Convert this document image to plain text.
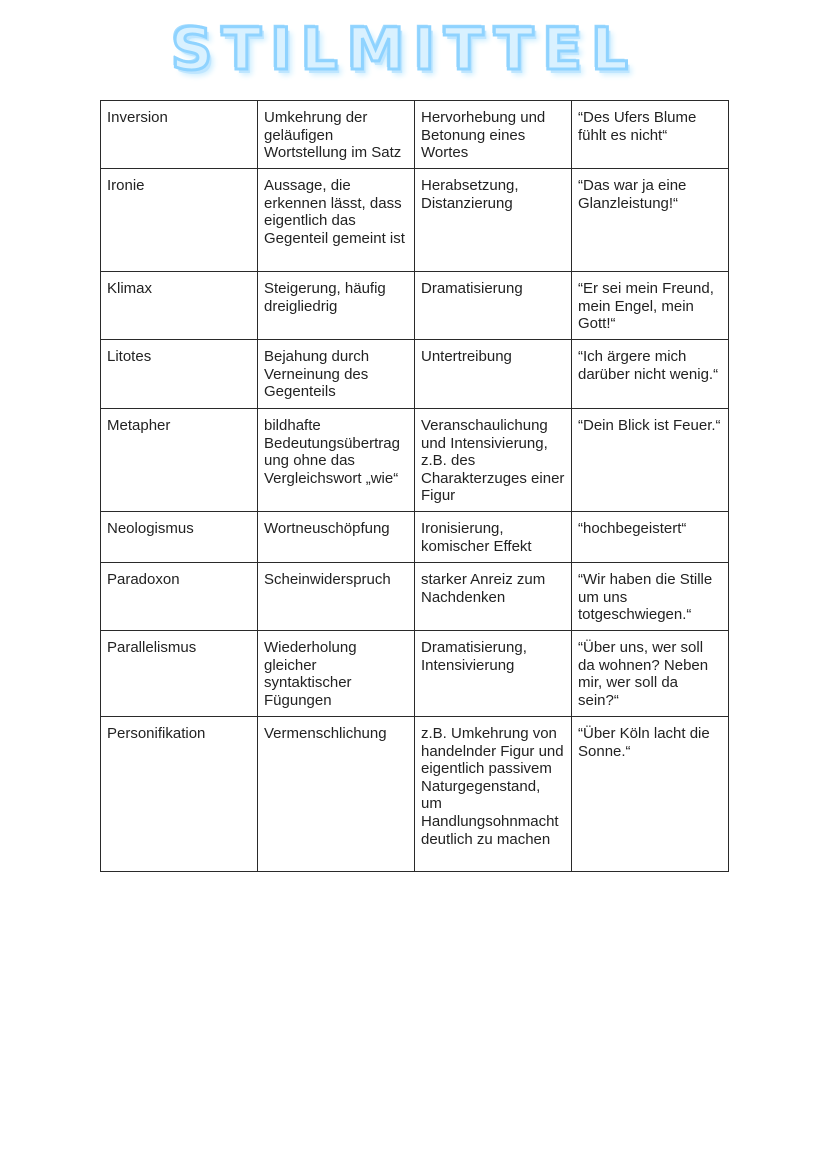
STILMITTEL
Inversion	Umkehrung der geläufigen Wortstellung im Satz	Hervorhebung und Betonung eines Wortes	“Des Ufers Blume fühlt es nicht“
Ironie	Aussage, die erkennen lässt, dass eigentlich das Gegenteil gemeint ist	Herabsetzung, Distanzierung	“Das war ja eine Glanzleistung!“
Klimax	Steigerung, häufig dreigliedrig	Dramatisierung	“Er sei mein Freund, mein Engel, mein Gott!“
Litotes	Bejahung durch Verneinung des Gegenteils	Untertreibung	“Ich ärgere mich darüber nicht wenig.“
Metapher	bildhafte Bedeutungsübertrag ung ohne das Vergleichswort „wie“	Veranschaulichung und Intensivierung, z.B. des Charakterzuges einer Figur	“Dein Blick ist Feuer.“
Neologismus	Wortneuschöpfung	Ironisierung, komischer Effekt	“hochbegeistert“
Paradoxon	Scheinwiderspruch	starker Anreiz zum Nachdenken	“Wir haben die Stille um uns totgeschwiegen.“
Parallelismus	Wiederholung gleicher syntaktischer Fügungen	Dramatisierung, Intensivierung	“Über uns, wer soll da wohnen? Neben mir, wer soll da sein?“
Personifikation	Vermenschlichung	z.B. Umkehrung von handelnder Figur und eigentlich passivem Naturgegenstand, um Handlungsohnmacht deutlich zu machen	“Über Köln lacht die Sonne.“
